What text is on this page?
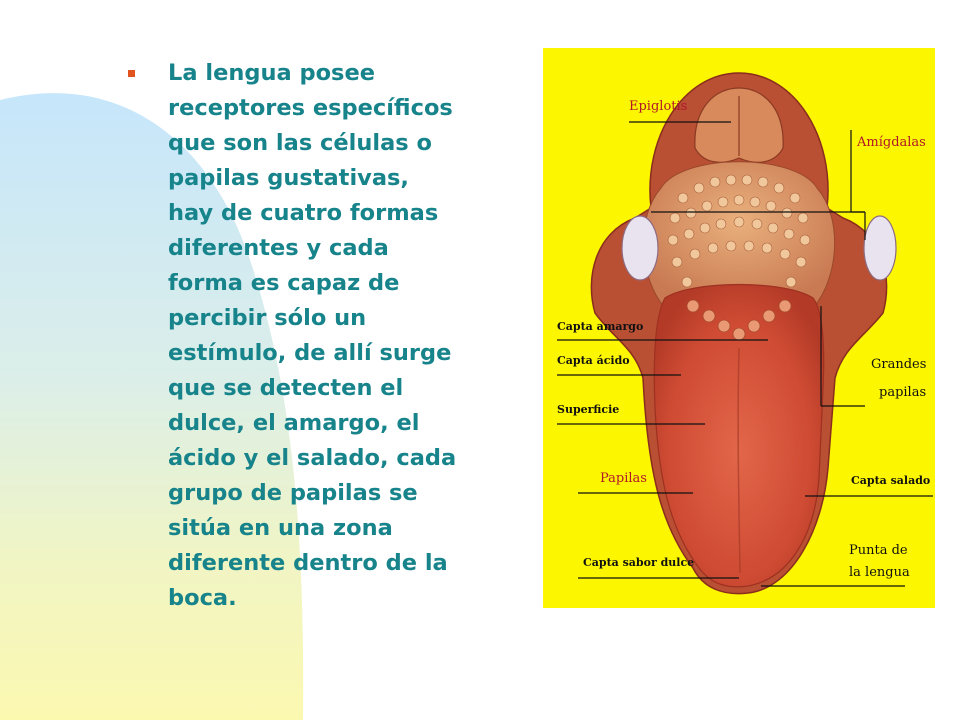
La lengua posee
receptores específicos
que son las células o
papilas gustativas,
hay de cuatro formas
diferentes y cada
forma es capaz de
percibir sólo un
estímulo, de allí surge
que se detecten el
dulce, el amargo, el
ácido y el salado, cada
grupo de papilas se
sitúa en una zona
diferente dentro de la
boca.

Epiglotis
Amígdalas
Capta amargo
Capta ácido
Superficie
Grandes
papilas
Papilas	Capta salado
Capta sabor dulce
Punta de
la lengua
